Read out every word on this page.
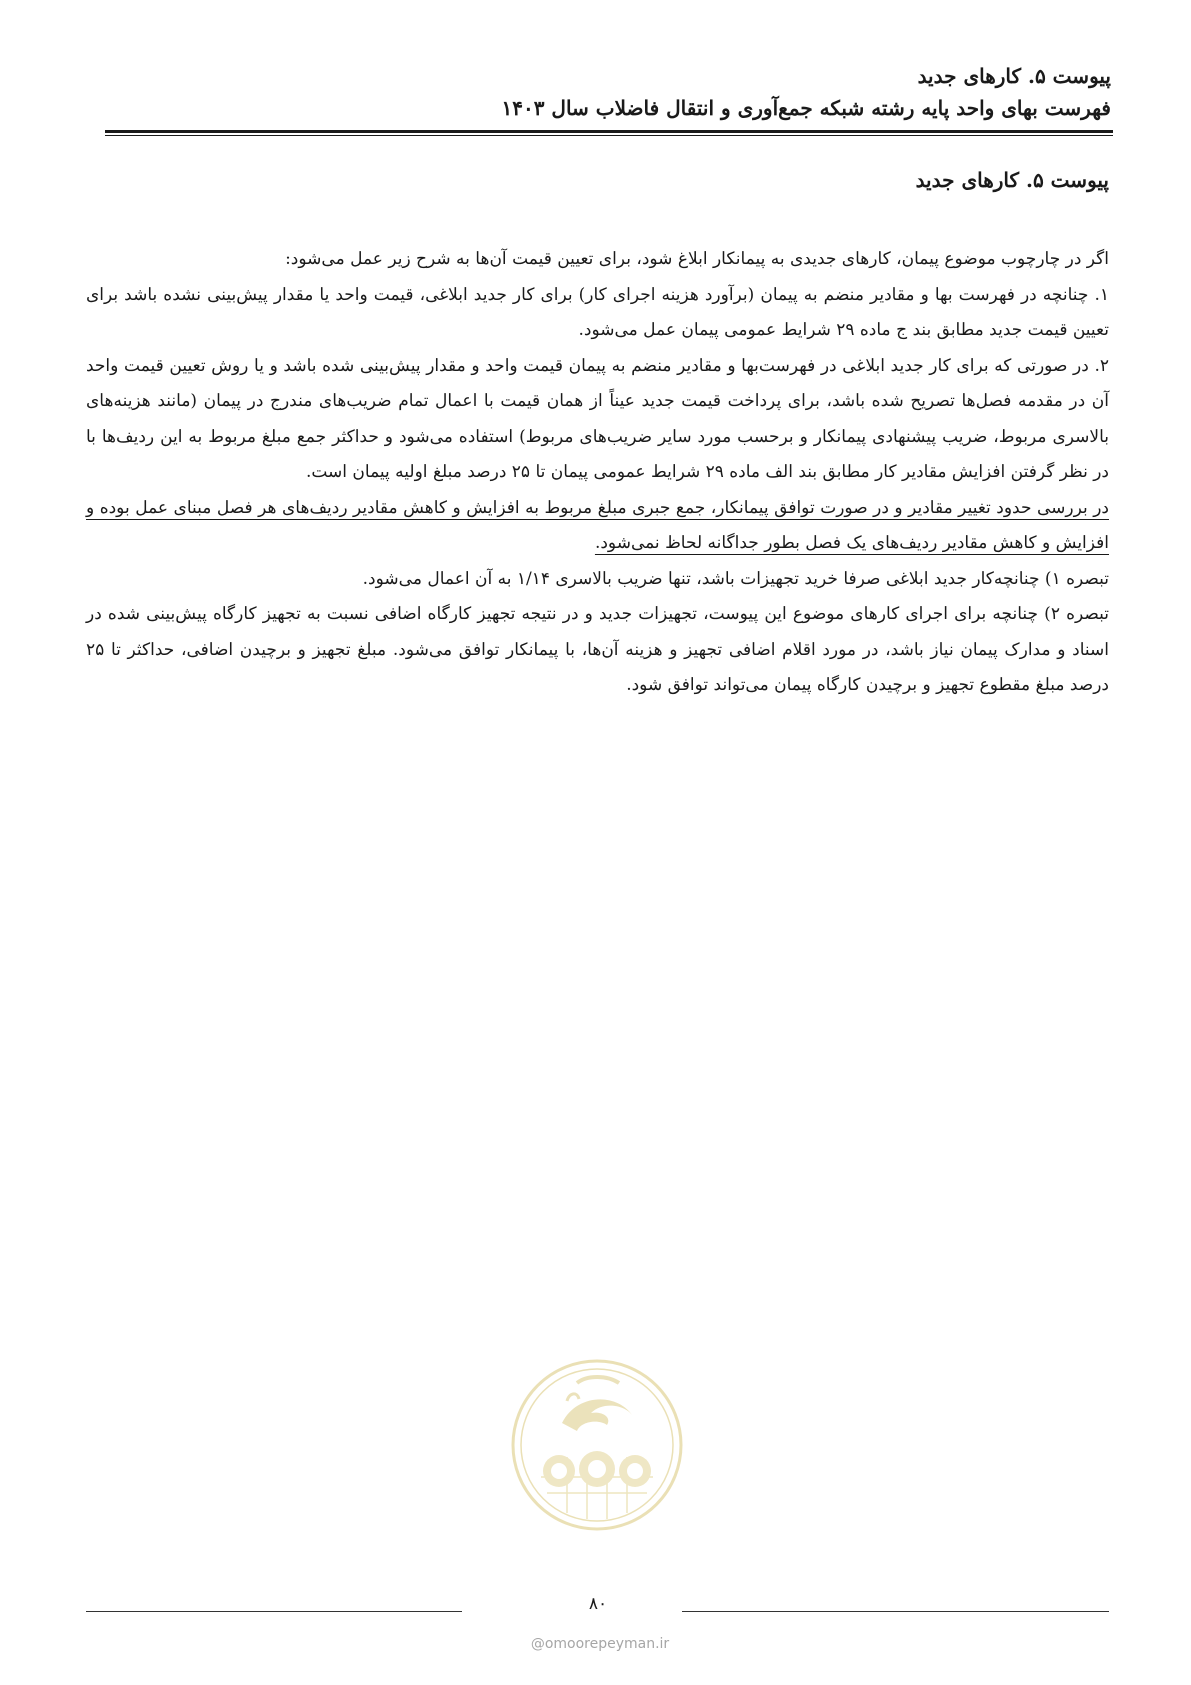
پیوست ۵. کارهای جدید

فهرست بهای واحد پایه رشته شبکه جمع‌آوری و انتقال فاضلاب سال ۱۴۰۳

پیوست ۵. کارهای جدید

اگر در چارچوب موضوع پیمان، کارهای جدیدی به پیمانکار ابلاغ شود، برای تعیین قیمت آن‌ها به شرح زیر عمل می‌شود:

۱. چنانچه در فهرست بها و مقادیر منضم به پیمان (برآورد هزینه اجرای کار) برای کار جدید ابلاغی، قیمت واحد یا مقدار پیش‌بینی نشده باشد برای تعیین قیمت جدید مطابق بند ج ماده ۲۹ شرایط عمومی پیمان عمل می‌شود.

۲. در صورتی که برای کار جدید ابلاغی در فهرست‌بها و مقادیر منضم به پیمان قیمت واحد و مقدار پیش‌بینی شده باشد و یا روش تعیین قیمت واحد آن در مقدمه فصل‌ها تصریح شده باشد، برای پرداخت قیمت جدید عیناً از همان قیمت با اعمال تمام ضریب‌های مندرج در پیمان (مانند هزینه‌های بالاسری مربوط، ضریب پیشنهادی پیمانکار و برحسب مورد سایر ضریب‌های مربوط) استفاده می‌شود و حداکثر جمع مبلغ مربوط به این ردیف‌ها با در نظر گرفتن افزایش مقادیر کار مطابق بند الف ماده ۲۹ شرایط عمومی پیمان تا ۲۵ درصد مبلغ اولیه پیمان است.

در بررسی حدود تغییر مقادیر و در صورت توافق پیمانکار، جمع جبری مبلغ مربوط به افزایش و کاهش مقادیر ردیف‌های هر فصل مبنای عمل بوده و افزایش و کاهش مقادیر ردیف‌های یک فصل بطور جداگانه لحاظ نمی‌شود.

تبصره ۱) چنانچه‌کار جدید ابلاغی صرفا خرید تجهیزات باشد، تنها ضریب بالاسری ۱/۱۴ به آن اعمال می‌شود.

تبصره ۲) چنانچه برای اجرای کارهای موضوع این پیوست، تجهیزات جدید و در نتیجه تجهیز کارگاه اضافی نسبت به تجهیز کارگاه پیش‌بینی شده در اسناد و مدارک پیمان نیاز باشد، در مورد اقلام اضافی تجهیز و هزینه آن‌ها، با پیمانکار توافق می‌شود. مبلغ تجهیز و برچیدن اضافی، حداکثر تا ۲۵ درصد مبلغ مقطوع تجهیز و برچیدن کارگاه پیمان می‌تواند توافق شود.

۸۰
@omoorepeyman.ir
